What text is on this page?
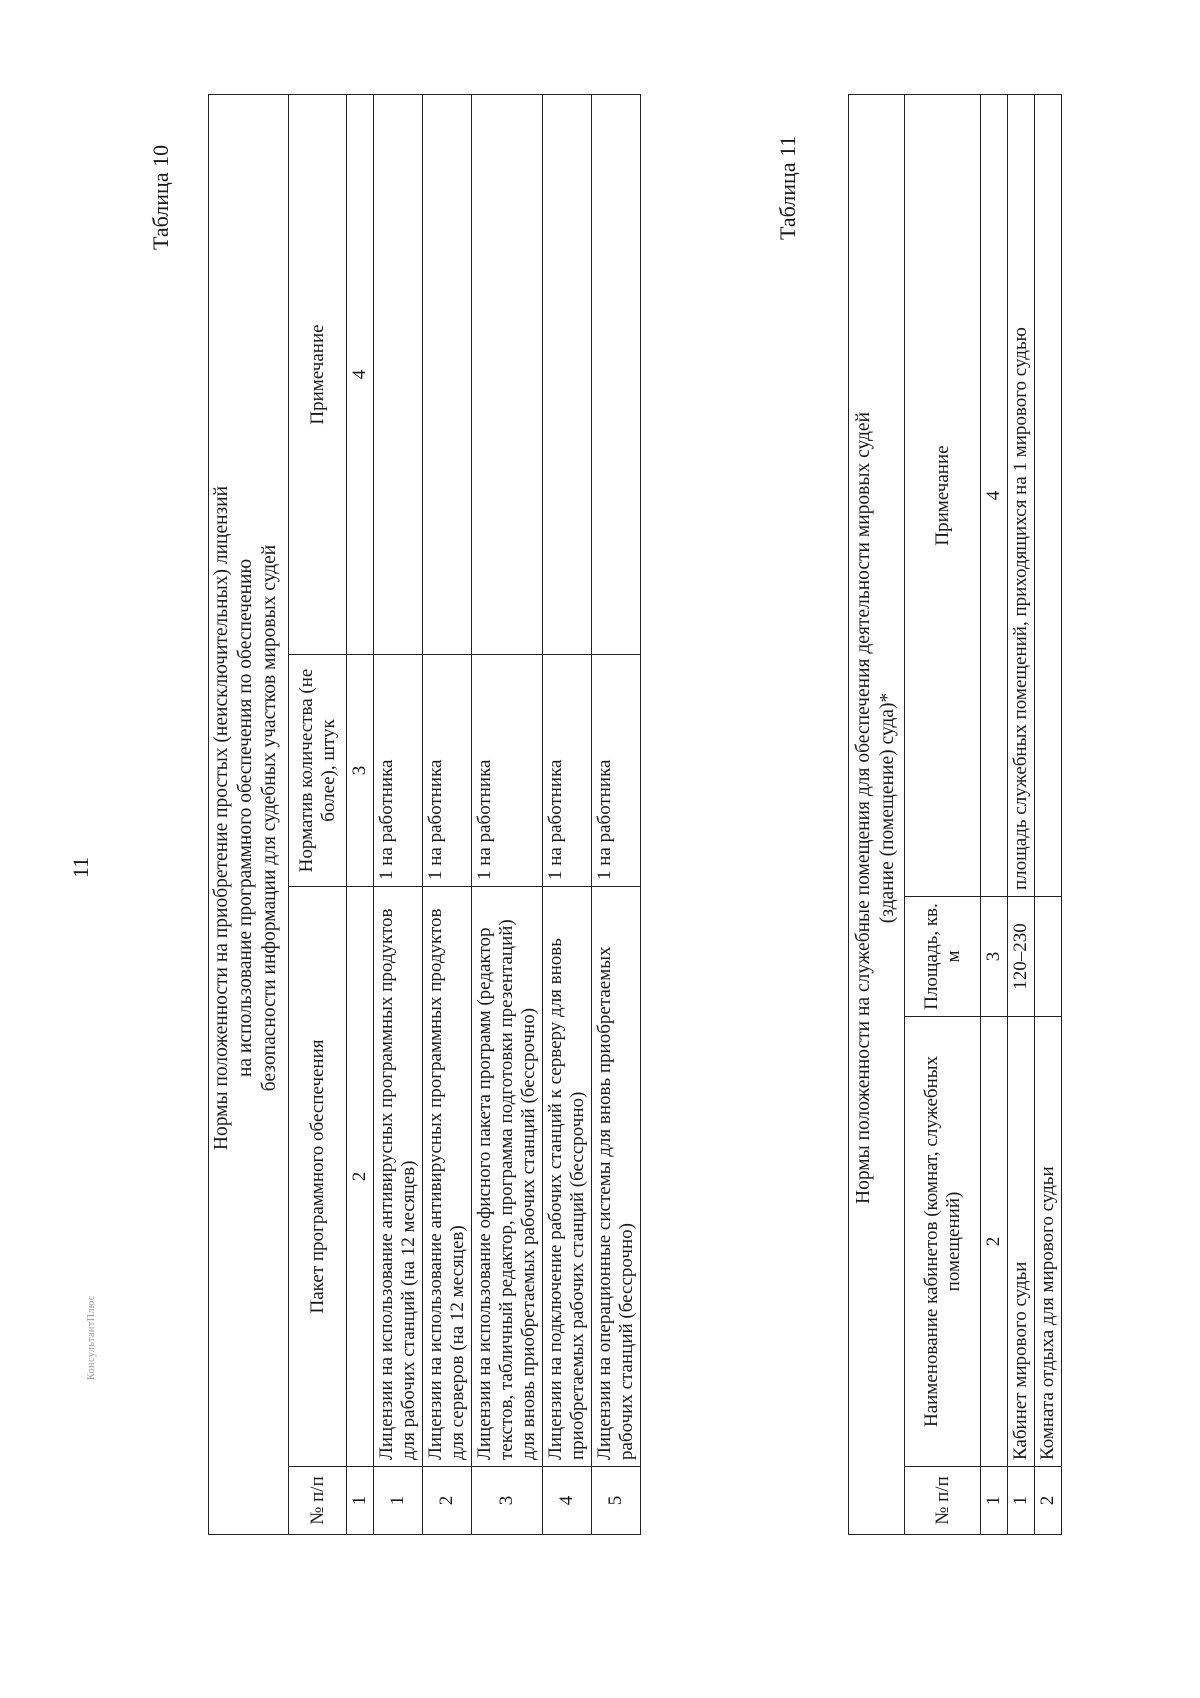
11
Таблица 10
Нормы положенности на приобретение простых (неисключительных) лицензий на использование программного обеспечения по обеспечению безопасности информации для судебных участков мировых судей

№ п/п	Пакет программного обеспечения	Норматив количества (не более), штук	Примечание
1	2	3	4
1	Лицензии на использование антивирусных программных продуктов для рабочих станций (на 12 месяцев)	1 на работника	
2	Лицензии на использование антивирусных программных продуктов для серверов (на 12 месяцев)	1 на работника	
3	Лицензии на использование офисного пакета программ (редактор текстов, табличный редактор, программа подготовки презентаций) для вновь приобретаемых рабочих станций (бессрочно)	1 на работника	
4	Лицензии на подключение рабочих станций к серверу для вновь приобретаемых рабочих станций (бессрочно)	1 на работника	
5	Лицензии на операционные системы для вновь приобретаемых рабочих станций (бессрочно)	1 на работника	
Таблица 11
Нормы положенности на служебные помещения для обеспечения деятельности мировых судей (здание (помещение) суда)*

№ п/п	Наименование кабинетов (комнат, служебных помещений)	Площадь, кв. м	Примечание
1	2	3	4
1	Кабинет мирового судьи	120–230	площадь служебных помещений, приходящихся на 1 мирового судью
2	Комната отдыха для мирового судьи		
КонсультантПлюс
